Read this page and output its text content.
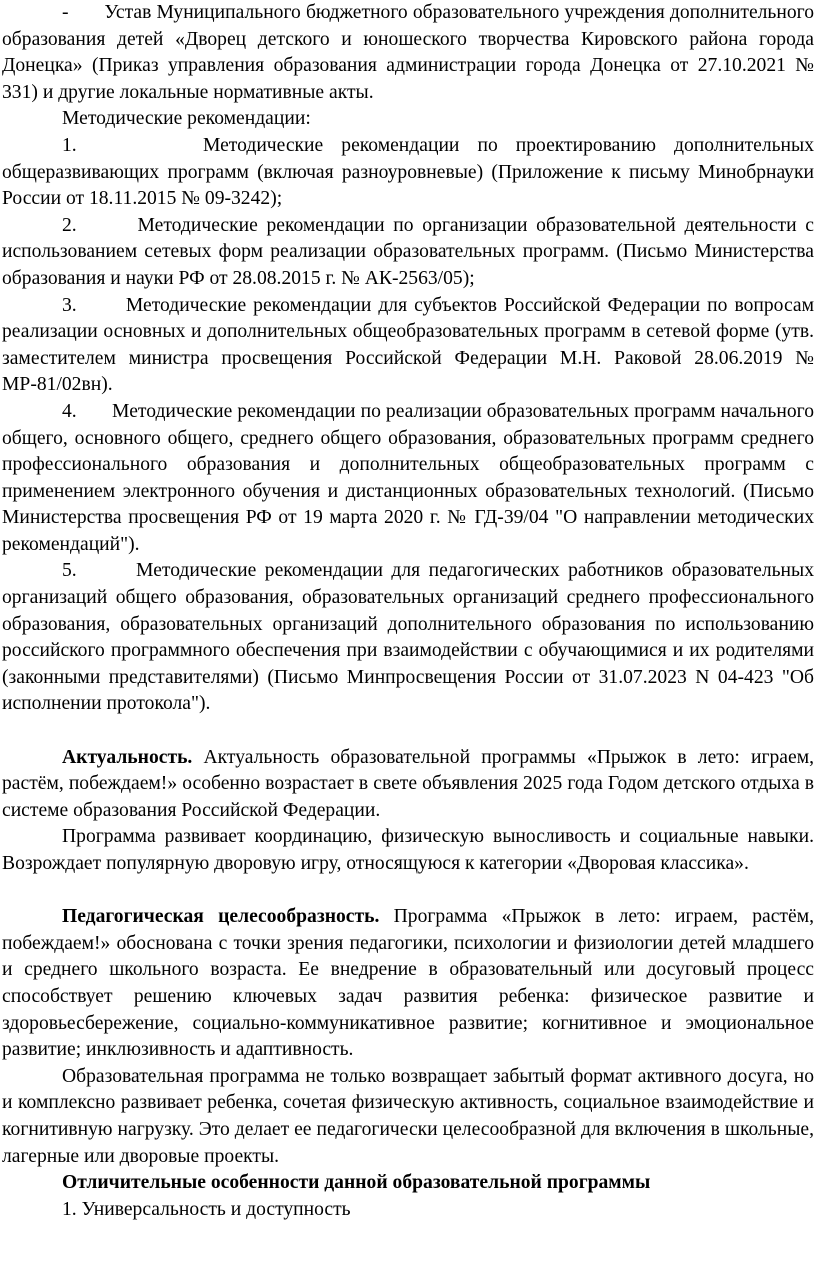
-       Устав Муниципального бюджетного образовательного учреждения дополнительного образования детей «Дворец детского и юношеского творчества Кировского района города Донецка» (Приказ управления образования администрации города Донецка от 27.10.2021 № 331) и другие локальные нормативные акты.

Методические рекомендации:

1.       Методические рекомендации по проектированию дополнительных общеразвивающих программ (включая разноуровневые) (Приложение к письму Минобрнауки России от 18.11.2015 № 09-3242);

2.       Методические рекомендации по организации образовательной деятельности с использованием сетевых форм реализации образовательных программ. (Письмо Министерства образования и науки РФ от 28.08.2015 г. № АК-2563/05);

3.       Методические рекомендации для субъектов Российской Федерации по вопросам реализации основных и дополнительных общеобразовательных программ в сетевой форме (утв. заместителем министра просвещения Российской Федерации М.Н. Раковой 28.06.2019 № МР-81/02вн).

4.       Методические рекомендации по реализации образовательных программ начального общего, основного общего, среднего общего образования, образовательных программ среднего профессионального образования и дополнительных общеобразовательных программ с применением электронного обучения и дистанционных образовательных технологий. (Письмо Министерства просвещения РФ от 19 марта 2020 г. № ГД-39/04 "О направлении методических рекомендаций").

5.       Методические рекомендации для педагогических работников образовательных организаций общего образования, образовательных организаций среднего профессионального образования, образовательных организаций дополнительного образования по использованию российского программного обеспечения при взаимодействии с обучающимися и их родителями (законными представителями) (Письмо Минпросвещения России от 31.07.2023 N 04-423 "Об исполнении протокола").

Актуальность. Актуальность образовательной программы «Прыжок в лето: играем, растём, побеждаем!» особенно возрастает в свете объявления 2025 года Годом детского отдыха в системе образования Российской Федерации.

Программа развивает координацию, физическую выносливость и социальные навыки. Возрождает популярную дворовую игру, относящуюся к категории «Дворовая классика».

Педагогическая целесообразность. Программа «Прыжок в лето: играем, растём, побеждаем!» обоснована с точки зрения педагогики, психологии и физиологии детей младшего и среднего школьного возраста. Ее внедрение в образовательный или досуговый процесс способствует решению ключевых задач развития ребенка: физическое развитие и здоровьесбережение, социально-коммуникативное развитие; когнитивное и эмоциональное развитие; инклюзивность и адаптивность.

Образовательная программа не только возвращает забытый формат активного досуга, но и комплексно развивает ребенка, сочетая физическую активность, социальное взаимодействие и когнитивную нагрузку. Это делает ее педагогически целесообразной для включения в школьные, лагерные или дворовые проекты.

Отличительные особенности данной образовательной программы

1. Универсальность и доступность
